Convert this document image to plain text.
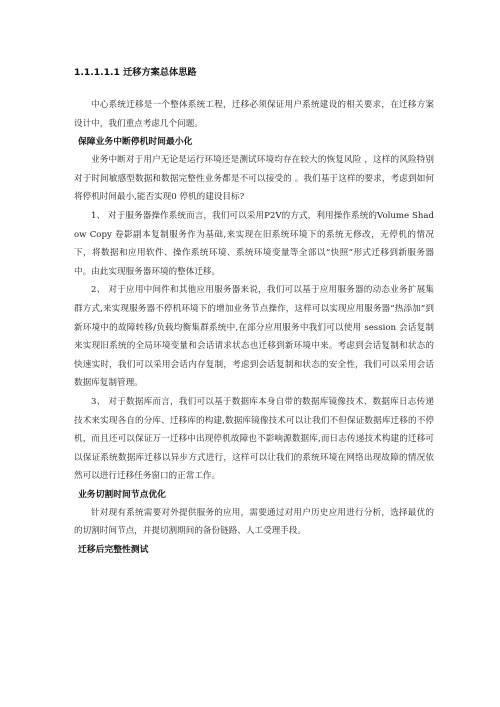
1.1.1.1.1 迁移方案总体思路

中心系统迁移是一个整体系统工程，迁移必须保证用户系统建设的相关要求，在迁移方案设计中，我们重点考虑几个问题。

保障业务中断停机时间最小化

业务中断对于用户无论是运行环境还是测试环境均存在较大的恢复风险 ，这样的风险特别对于时间敏感型数据和数据完整性业务都是不可以接受的 。我们基于这样的要求，考虑到如何将停机时间最小,能否实现0 停机的建设目标?

1、 对于服务器操作系统而言，我们可以采用P2V的方式，利用操作系统的Volume Shadow Copy 卷影副本复制服务作为基础,来实现在旧系统环境下的系统无修改，无停机的情况下，将数据和应用软件、操作系统环境、系统环境变量等全部以“快照”形式迁移到新服务器中。由此实现服务器环境的整体迁移。

2、 对于应用中间件和其他应用服务器来说，我们可以基于应用服务器的动态业务扩展集群方式,来实现服务器不停机环境下的增加业务节点操作，这样可以实现应用服务器“热添加”到新环境中的故障转移/负载均衡集群系统中,在部分应用服务中我们可以使用 session 会话复制来实现旧系统的全局环境变量和会话请求状态也迁移到新环境中来。考虑到会话复制和状态的快速实时，我们可以采用会话内存复制，考虑到会话复制和状态的安全性，我们可以采用会话数据库复制管理。

3、 对于数据库而言，我们可以基于数据库本身自带的数据库镜像技术、数据库日志传递技术来实现各自的分库、迁移库的构建,数据库镜像技术可以让我们不但保证数据库迁移的不停机，而且还可以保证万一迁移中出现停机故障也不影响源数据库,而日志传递技术构建的迁移可以保证系统数据库迁移以异步方式进行，这样可以让我们的系统环境在网络出现故障的情况依然可以进行迁移任务窗口的正常工作。

业务切割时间节点优化

针对现有系统需要对外提供服务的应用，需要通过对用户历史应用进行分析，选择最优的的切割时间节点，并提切割期间的备份链路、人工受理手段。

迁移后完整性测试
